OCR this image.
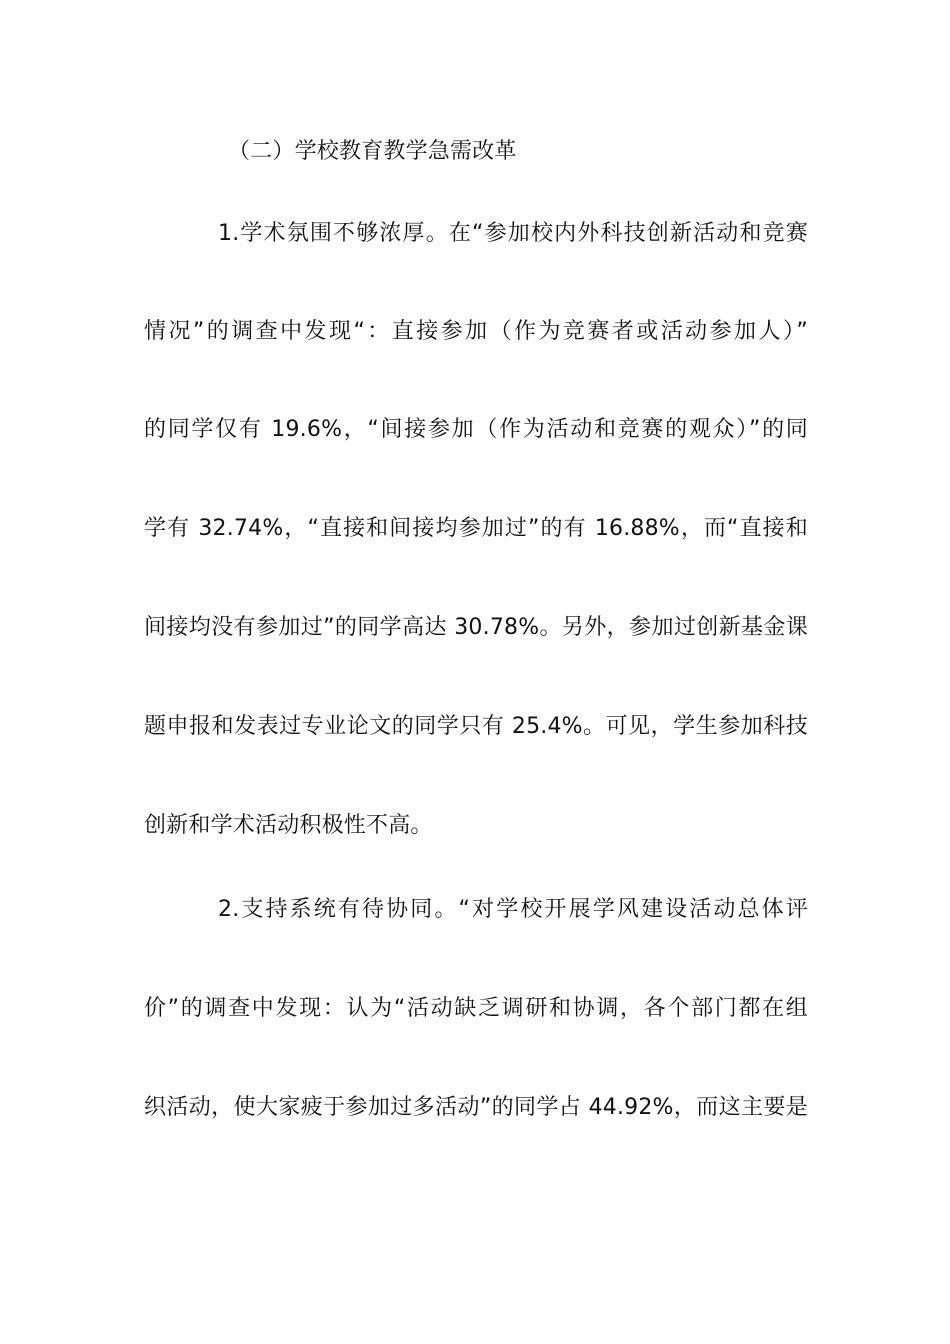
（二）学校教育教学急需改革
1.学术氛围不够浓厚。在“参加校内外科技创新活动和竞赛
情况”的调查中发现“：直接参加（作为竞赛者或活动参加人）”
的同学仅有 19.6%，“间接参加（作为活动和竞赛的观众）”的同
学有 32.74%，“直接和间接均参加过”的有 16.88%，而“直接和
间接均没有参加过”的同学高达 30.78%。另外，参加过创新基金课
题申报和发表过专业论文的同学只有 25.4%。可见，学生参加科技
创新和学术活动积极性不高。
2.支持系统有待协同。“对学校开展学风建设活动总体评
价”的调查中发现：认为“活动缺乏调研和协调，各个部门都在组
织活动，使大家疲于参加过多活动”的同学占 44.92%，而这主要是
